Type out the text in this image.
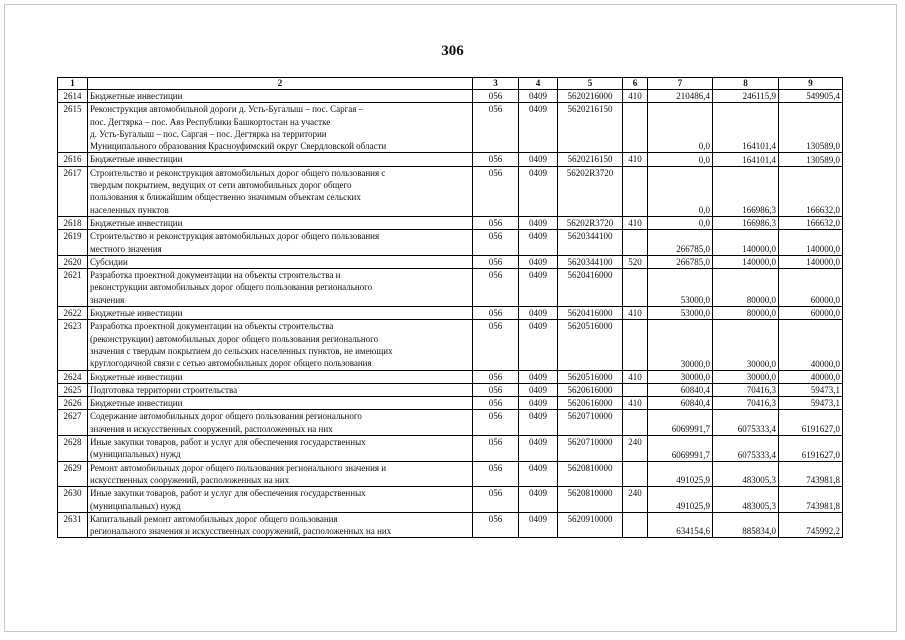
306
1	2	3	4	5	6	7	8	9
2614	Бюджетные инвестиции	056	0409	5620216000	410	210486,4	246115,9	549905,4
2615	Реконструкция автомобильной дороги д. Усть-Бугалыш – пос. Саргая –
пос. Дегтярка – пос. Аяз Республики Башкортостан на участке
д. Усть-Бугалыш – пос. Саргая – пос. Дегтярка на территории
Муниципального образования Красноуфимский округ Свердловской области	056	0409	5620216150		0,0	164101,4	130589,0
2616	Бюджетные инвестиции	056	0409	5620216150	410	0,0	164101,4	130589,0
2617	Строительство и реконструкция автомобильных дорог общего пользования с
твердым покрытием, ведущих от сети автомобильных дорог общего
пользования к ближайшим общественно значимым объектам сельских
населенных пунктов	056	0409	56202R3720		0,0	166986,3	166632,0
2618	Бюджетные инвестиции	056	0409	56202R3720	410	0,0	166986,3	166632,0
2619	Строительство и реконструкция автомобильных дорог общего пользования
местного значения	056	0409	5620344100		266785,0	140000,0	140000,0
2620	Субсидии	056	0409	5620344100	520	266785,0	140000,0	140000,0
2621	Разработка проектной документации на объекты строительства и
реконструкции автомобильных дорог общего пользования регионального
значения	056	0409	5620416000		53000,0	80000,0	60000,0
2622	Бюджетные инвестиции	056	0409	5620416000	410	53000,0	80000,0	60000,0
2623	Разработка проектной документации на объекты строительства
(реконструкции) автомобильных дорог общего пользования регионального
значения с твердым покрытием до сельских населенных пунктов, не имеющих
круглогодичной связи с сетью автомобильных дорог общего пользования	056	0409	5620516000		30000,0	30000,0	40000,0
2624	Бюджетные инвестиции	056	0409	5620516000	410	30000,0	30000,0	40000,0
2625	Подготовка территории строительства	056	0409	5620616000		60840,4	70416,3	59473,1
2626	Бюджетные инвестиции	056	0409	5620616000	410	60840,4	70416,3	59473,1
2627	Содержание автомобильных дорог общего пользования регионального
значения и искусственных сооружений, расположенных на них	056	0409	5620710000		6069991,7	6075333,4	6191627,0
2628	Иные закупки товаров, работ и услуг для обеспечения государственных
(муниципальных) нужд	056	0409	5620710000	240	6069991,7	6075333,4	6191627,0
2629	Ремонт автомобильных дорог общего пользования регионального значения и
искусственных сооружений, расположенных на них	056	0409	5620810000		491025,9	483005,3	743981,8
2630	Иные закупки товаров, работ и услуг для обеспечения государственных
(муниципальных) нужд	056	0409	5620810000	240	491025,9	483005,3	743981,8
2631	Капитальный ремонт автомобильных дорог общего пользования
регионального значения и искусственных сооружений, расположенных на них	056	0409	5620910000		634154,6	885834,0	745992,2
